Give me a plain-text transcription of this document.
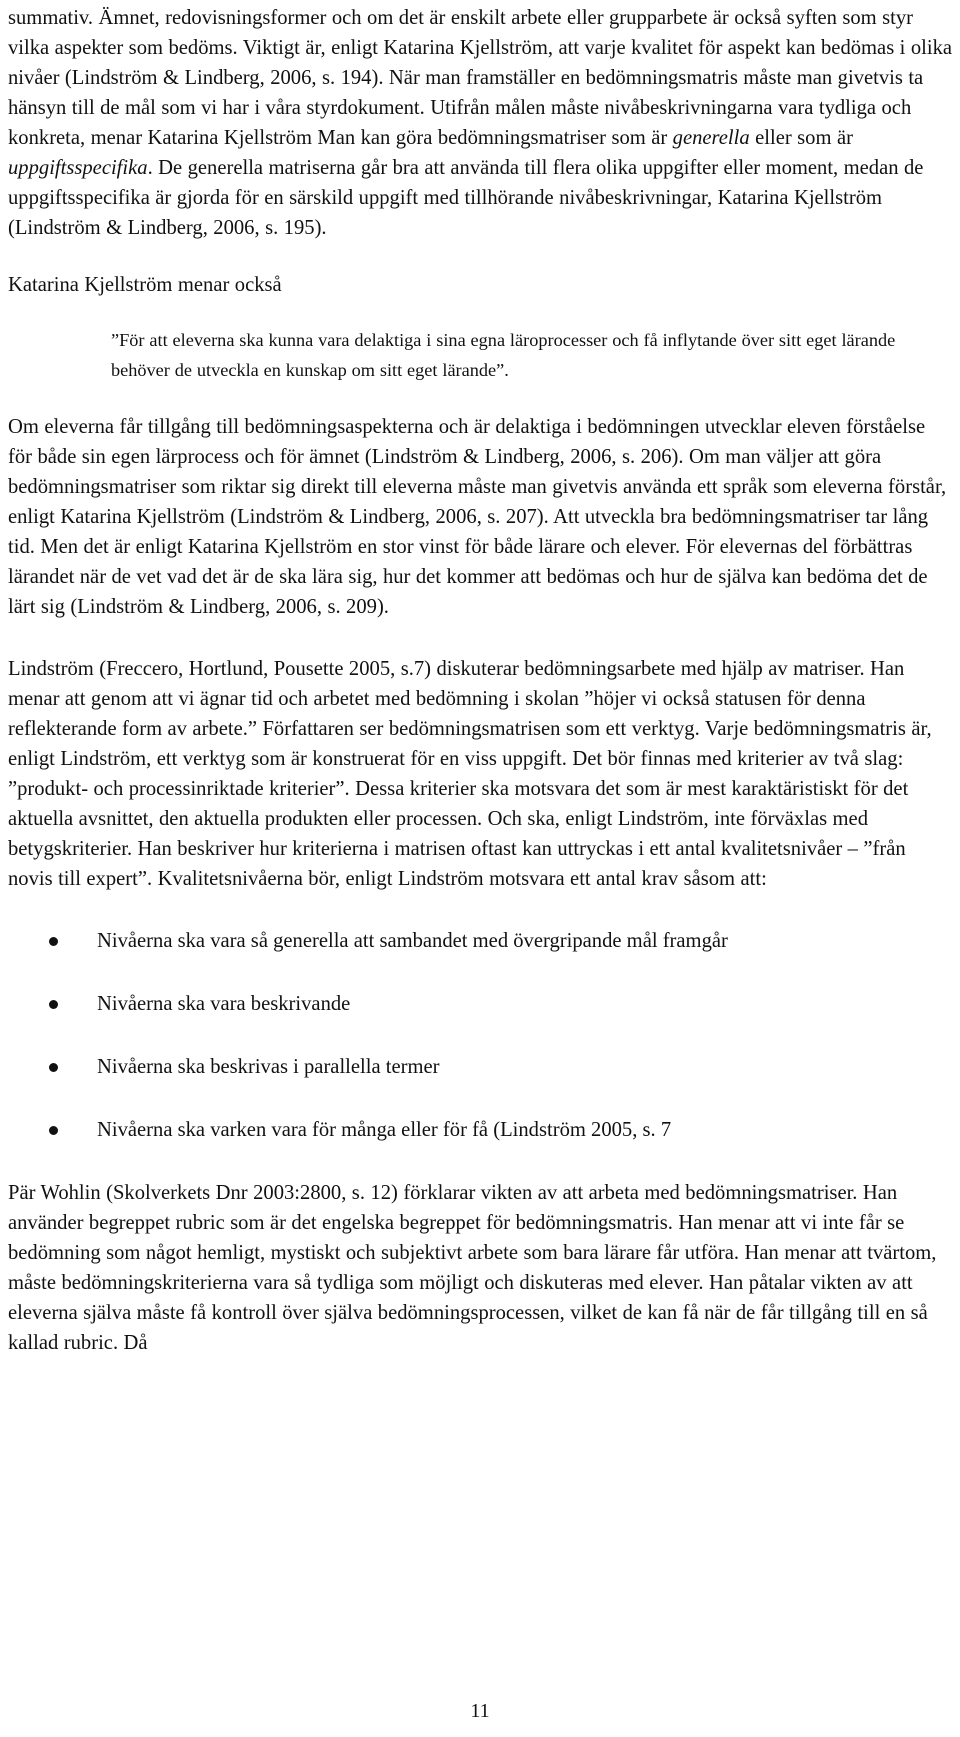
summativ. Ämnet, redovisningsformer och om det är enskilt arbete eller grupparbete är också syften som styr vilka aspekter som bedöms. Viktigt är, enligt Katarina Kjellström, att varje kvalitet för aspekt kan bedömas i olika nivåer (Lindström & Lindberg, 2006, s. 194). När man framställer en bedömningsmatris måste man givetvis ta hänsyn till de mål som vi har i våra styrdokument. Utifrån målen måste nivåbeskrivningarna vara tydliga och konkreta, menar Katarina Kjellström Man kan göra bedömningsmatriser som är generella eller som är uppgiftsspecifika. De generella matriserna går bra att använda till flera olika uppgifter eller moment, medan de uppgiftsspecifika är gjorda för en särskild uppgift med tillhörande nivåbeskrivningar, Katarina Kjellström (Lindström & Lindberg, 2006, s. 195).

Katarina Kjellström menar också

”För att eleverna ska kunna vara delaktiga i sina egna läroprocesser och få inflytande över sitt eget lärande behöver de utveckla en kunskap om sitt eget lärande”.

Om eleverna får tillgång till bedömningsaspekterna och är delaktiga i bedömningen utvecklar eleven förståelse för både sin egen lärprocess och för ämnet (Lindström & Lindberg, 2006, s. 206). Om man väljer att göra bedömningsmatriser som riktar sig direkt till eleverna måste man givetvis använda ett språk som eleverna förstår, enligt Katarina Kjellström (Lindström & Lindberg, 2006, s. 207). Att utveckla bra bedömningsmatriser tar lång tid. Men det är enligt Katarina Kjellström en stor vinst för både lärare och elever. För elevernas del förbättras lärandet när de vet vad det är de ska lära sig, hur det kommer att bedömas och hur de själva kan bedöma det de lärt sig (Lindström & Lindberg, 2006, s. 209).

Lindström (Freccero, Hortlund, Pousette 2005, s.7) diskuterar bedömningsarbete med hjälp av matriser. Han menar att genom att vi ägnar tid och arbetet med bedömning i skolan ”höjer vi också statusen för denna reflekterande form av arbete.” Författaren ser bedömningsmatrisen som ett verktyg. Varje bedömningsmatris är, enligt Lindström, ett verktyg som är konstruerat för en viss uppgift. Det bör finnas med kriterier av två slag: ”produkt- och processinriktade kriterier”. Dessa kriterier ska motsvara det som är mest karaktäristiskt för det aktuella avsnittet, den aktuella produkten eller processen. Och ska, enligt Lindström, inte förväxlas med betygskriterier. Han beskriver hur kriterierna i matrisen oftast kan uttryckas i ett antal kvalitetsnivåer – ”från novis till expert”. Kvalitetsnivåerna bör, enligt Lindström motsvara ett antal krav såsom att:

Nivåerna ska vara så generella att sambandet med övergripande mål framgår
Nivåerna ska vara beskrivande
Nivåerna ska beskrivas i parallella termer
Nivåerna ska varken vara för många eller för få (Lindström 2005, s. 7

Pär Wohlin (Skolverkets Dnr 2003:2800, s. 12) förklarar vikten av att arbeta med bedömningsmatriser. Han använder begreppet rubric som är det engelska begreppet för bedömningsmatris. Han menar att vi inte får se bedömning som något hemligt, mystiskt och subjektivt arbete som bara lärare får utföra. Han menar att tvärtom, måste bedömningskriterierna vara så tydliga som möjligt och diskuteras med elever. Han påtalar vikten av att eleverna själva måste få kontroll över själva bedömningsprocessen, vilket de kan få när de får tillgång till en så kallad rubric. Då

11
